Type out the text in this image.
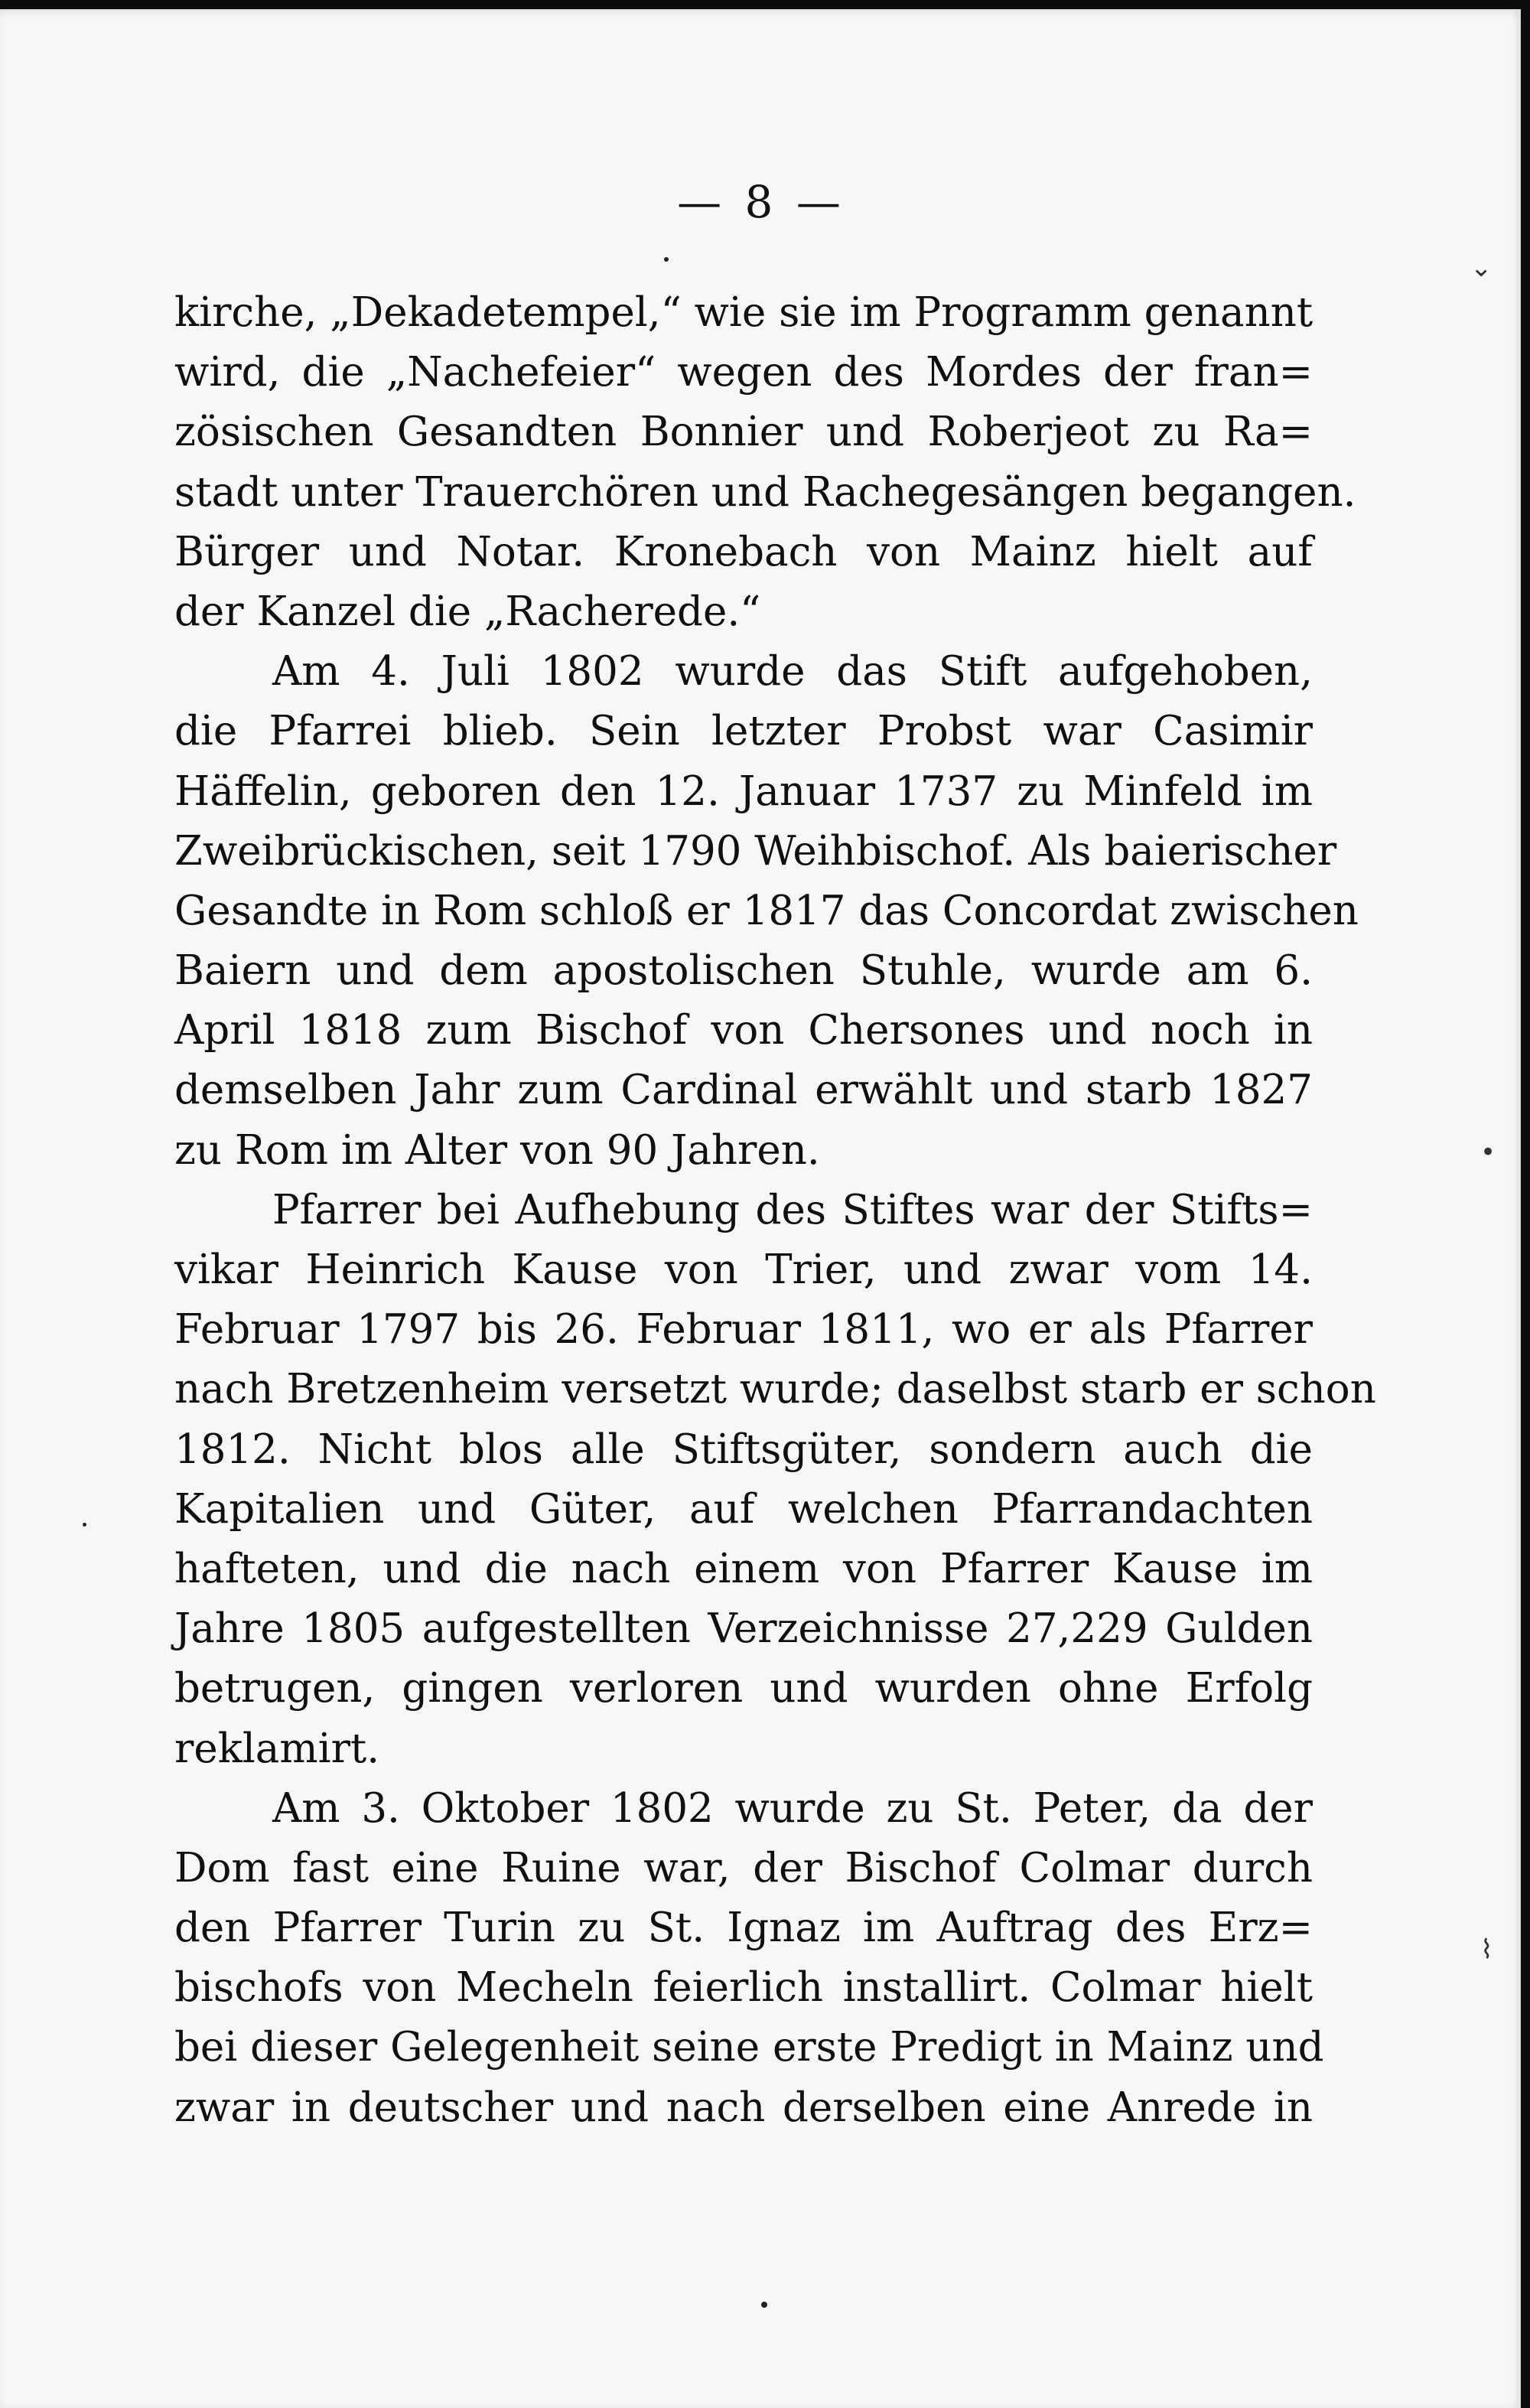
— 8 —
kirche, „Dekadetempel,“ wie sie im Programm genannt
wird, die „Nachefeier“ wegen des Mordes der fran=
zösischen Gesandten Bonnier und Roberjeot zu Ra=
stadt unter Trauerchören und Rachegesängen begangen.
Bürger und Notar. Kronebach von Mainz hielt auf
der Kanzel die „Racherede.“
Am 4. Juli 1802 wurde das Stift aufgehoben,
die Pfarrei blieb. Sein letzter Probst war Casimir
Häffelin, geboren den 12. Januar 1737 zu Minfeld im
Zweibrückischen, seit 1790 Weihbischof. Als baierischer
Gesandte in Rom schloß er 1817 das Concordat zwischen
Baiern und dem apostolischen Stuhle, wurde am 6.
April 1818 zum Bischof von Chersones und noch in
demselben Jahr zum Cardinal erwählt und starb 1827
zu Rom im Alter von 90 Jahren.
Pfarrer bei Aufhebung des Stiftes war der Stifts=
vikar Heinrich Kause von Trier, und zwar vom 14.
Februar 1797 bis 26. Februar 1811, wo er als Pfarrer
nach Bretzenheim versetzt wurde; daselbst starb er schon
1812. Nicht blos alle Stiftsgüter, sondern auch die
Kapitalien und Güter, auf welchen Pfarrandachten
hafteten, und die nach einem von Pfarrer Kause im
Jahre 1805 aufgestellten Verzeichnisse 27,229 Gulden
betrugen, gingen verloren und wurden ohne Erfolg
reklamirt.
Am 3. Oktober 1802 wurde zu St. Peter, da der
Dom fast eine Ruine war, der Bischof Colmar durch
den Pfarrer Turin zu St. Ignaz im Auftrag des Erz=
bischofs von Mecheln feierlich installirt. Colmar hielt
bei dieser Gelegenheit seine erste Predigt in Mainz und
zwar in deutscher und nach derselben eine Anrede in
⌄
•
⌇
